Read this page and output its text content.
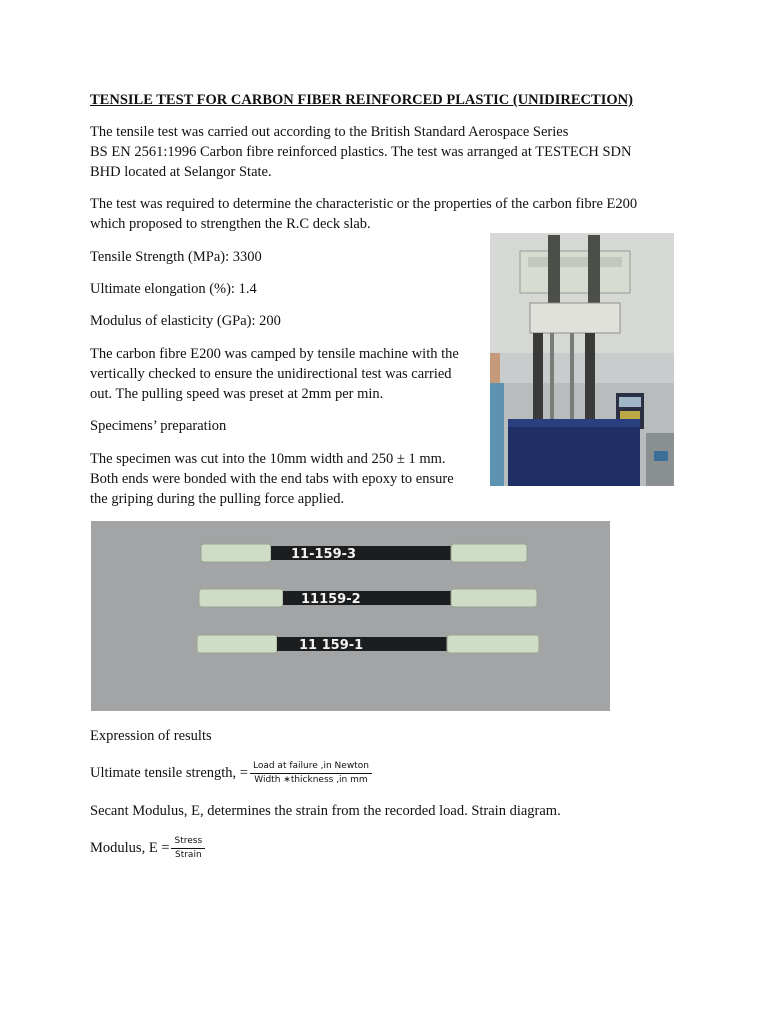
TENSILE TEST FOR CARBON FIBER REINFORCED PLASTIC (UNIDIRECTION)

The tensile test was carried out according to the British Standard Aerospace Series

BS EN 2561:1996 Carbon fibre reinforced plastics. The test was arranged at TESTECH SDN

BHD located at Selangor State.

The test was required to determine the characteristic or the properties of the carbon fibre E200

which proposed to strengthen the R.C deck slab.

Tensile Strength (MPa): 3300

Ultimate elongation (%): 1.4

Modulus of elasticity (GPa): 200

The carbon fibre E200 was camped by tensile machine with the

vertically checked to ensure the unidirectional test was carried

out. The pulling speed was preset at 2mm per min.

Specimens’ preparation

The specimen was cut into the 10mm width and 250 ± 1 mm.

Both ends were bonded with the end tabs with epoxy to ensure

the griping during the pulling force applied.

11-159-3
11159-2
11 159-1

Expression of results

Ultimate tensile strength, = $\frac{\text{Load at failure ,in Newton}}{\text{Width ∗thickness ,in mm}}$

Secant Modulus, E, determines the strain from the recorded load. Strain diagram.

Modulus, $E = \frac{\text{Stress}}{\text{Strain}}$
